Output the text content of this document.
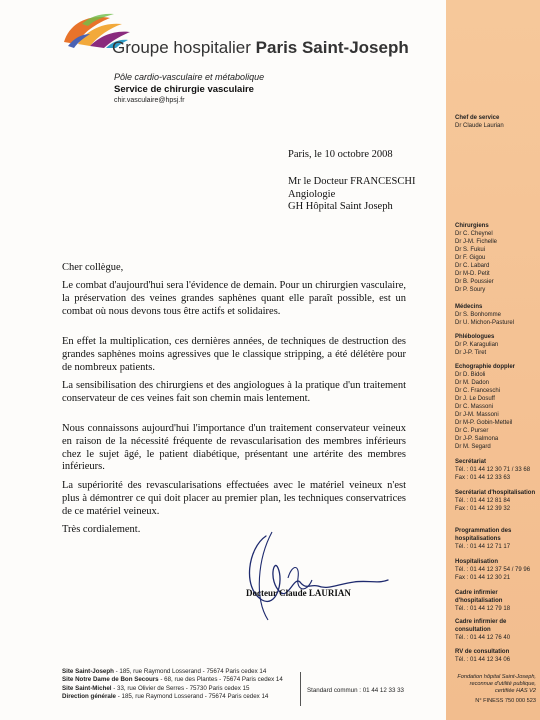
Groupe hospitalier Paris Saint-Joseph
Pôle cardio-vasculaire et métabolique
Service de chirurgie vasculaire
chir.vasculaire@hpsj.fr
Paris, le 10 octobre 2008
Mr le Docteur FRANCESCHI
Angiologie
GH Hôpital Saint Joseph
Cher collègue,

Le combat d'aujourd'hui sera l'évidence de demain. Pour un chirurgien vasculaire, la préservation des veines grandes saphènes quant elle paraît possible, est un combat où nous devons tous être actifs et solidaires.

En effet la multiplication, ces dernières années, de techniques de destruction des grandes saphènes moins agressives que le classique stripping, a été délétère pour de nombreux patients.

La sensibilisation des chirurgiens et des angiologues à la pratique d'un traitement conservateur de ces veines fait son chemin mais lentement.

Nous connaissons aujourd'hui l'importance d'un traitement conservateur veineux en raison de la nécessité fréquente de revascularisation des membres inférieurs chez le sujet âgé, le patient diabétique, présentant une artérite des membres inférieurs.

La supériorité des revascularisations effectuées avec le matériel veineux n'est plus à démontrer ce qui doit placer au premier plan, les techniques conservatrices de ce matériel veineux.

Très cordialement.
Docteur Claude LAURIAN
Chef de service
Dr Claude Laurian
Chirurgiens
Dr C. Cheynel
Dr J-M. Fichelle
Dr S. Fukui
Dr F. Gigou
Dr C. Labard
Dr M-D. Petit
Dr B. Poussier
Dr P. Soury
Médecins
Dr S. Bonhomme
Dr U. Michon-Pasturel
Phlébologues
Dr P. Karagulian
Dr J-P. Tiret
Echographie doppler
Dr D. Bidoli
Dr M. Dadon
Dr C. Franceschi
Dr J. Le Dosuff
Dr C. Massoni
Dr J-M. Massoni
Dr M-P. Gobin-Metteil
Dr C. Purser
Dr J-P. Salmona
Dr M. Segard
Secrétariat
Tél. : 01 44 12 30 71 / 33 68
Fax : 01 44 12 33 63
Secrétariat d'hospitalisation
Tél. : 01 44 12 81 84
Fax : 01 44 12 39 32
Programmation des hospitalisations
Tél. : 01 44 12 71 17
Hospitalisation
Tél. : 01 44 12 37 54 / 79 96
Fax : 01 44 12 30 21
Cadre infirmier d'hospitalisation
Tél. : 01 44 12 79 18
Cadre infirmier de consultation
Tél. : 01 44 12 76 40
RV de consultation
Tél. : 01 44 12 34 06
Site Saint-Joseph - 185, rue Raymond Losserand - 75674 Paris cedex 14
Site Notre Dame de Bon Secours - 68, rue des Plantes - 75674 Paris cedex 14
Site Saint-Michel - 33, rue Olivier de Serres - 75730 Paris cedex 15
Direction générale - 185, rue Raymond Losserand - 75674 Paris cedex 14
Standard commun : 01 44 12 33 33
Fondation hôpital Saint-Joseph,
reconnue d'utilité publique,
certifiée HAS V2
N° FINESS 750 000 523
